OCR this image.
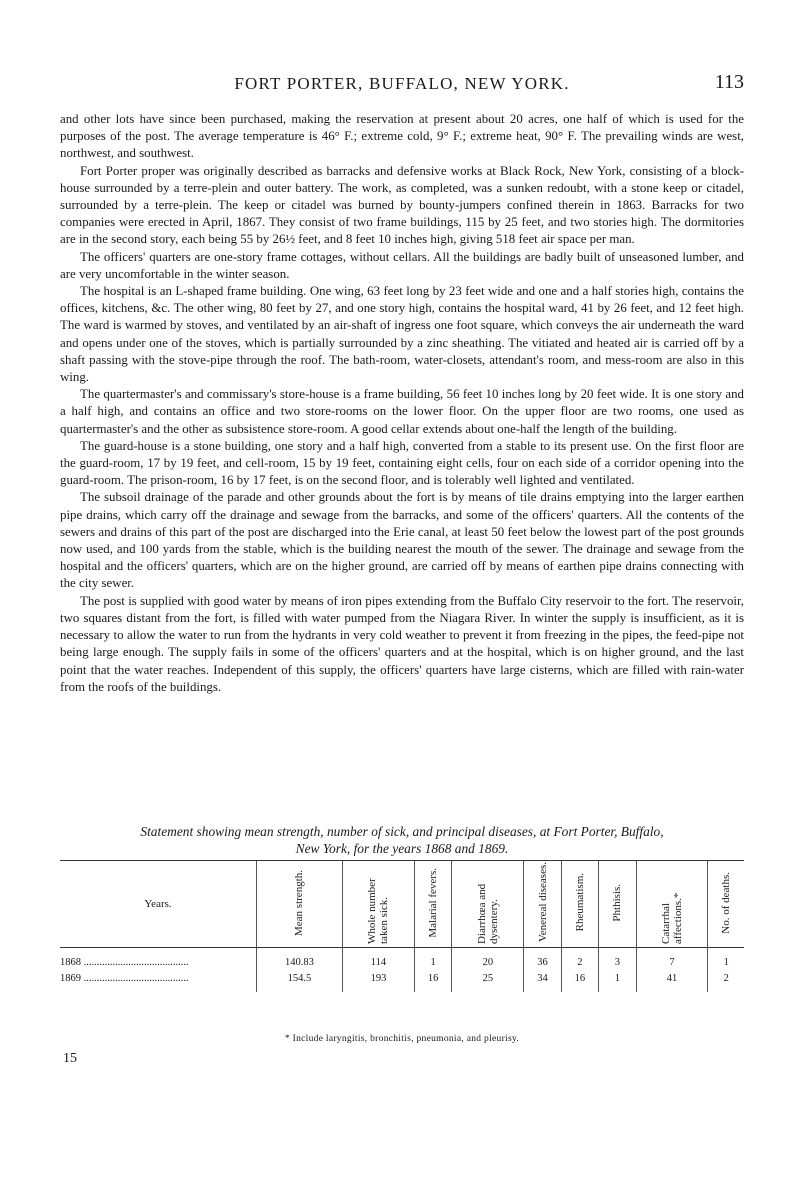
FORT PORTER, BUFFALO, NEW YORK.	113

and other lots have since been purchased, making the reservation at present about 20 acres, one half of which is used for the purposes of the post. The average temperature is 46° F.; extreme cold, 9° F.; extreme heat, 90° F. The prevailing winds are west, northwest, and southwest.

Fort Porter proper was originally described as barracks and defensive works at Black Rock, New York, consisting of a block-house surrounded by a terre-plein and outer battery. The work, as completed, was a sunken redoubt, with a stone keep or citadel, surrounded by a terre-plein. The keep or citadel was burned by bounty-jumpers confined therein in 1863. Barracks for two companies were erected in April, 1867. They consist of two frame buildings, 115 by 25 feet, and two stories high. The dormitories are in the second story, each being 55 by 26½ feet, and 8 feet 10 inches high, giving 518 feet air space per man.

The officers' quarters are one-story frame cottages, without cellars. All the buildings are badly built of unseasoned lumber, and are very uncomfortable in the winter season.

The hospital is an L-shaped frame building. One wing, 63 feet long by 23 feet wide and one and a half stories high, contains the offices, kitchens, &c. The other wing, 80 feet by 27, and one story high, contains the hospital ward, 41 by 26 feet, and 12 feet high. The ward is warmed by stoves, and ventilated by an air-shaft of ingress one foot square, which conveys the air underneath the ward and opens under one of the stoves, which is partially surrounded by a zinc sheathing. The vitiated and heated air is carried off by a shaft passing with the stove-pipe through the roof. The bath-room, water-closets, attendant's room, and mess-room are also in this wing.

The quartermaster's and commissary's store-house is a frame building, 56 feet 10 inches long by 20 feet wide. It is one story and a half high, and contains an office and two store-rooms on the lower floor. On the upper floor are two rooms, one used as quartermaster's and the other as subsistence store-room. A good cellar extends about one-half the length of the building.

The guard-house is a stone building, one story and a half high, converted from a stable to its present use. On the first floor are the guard-room, 17 by 19 feet, and cell-room, 15 by 19 feet, containing eight cells, four on each side of a corridor opening into the guard-room. The prison-room, 16 by 17 feet, is on the second floor, and is tolerably well lighted and ventilated.

The subsoil drainage of the parade and other grounds about the fort is by means of tile drains emptying into the larger earthen pipe drains, which carry off the drainage and sewage from the barracks, and some of the officers' quarters. All the contents of the sewers and drains of this part of the post are discharged into the Erie canal, at least 50 feet below the lowest part of the post grounds now used, and 100 yards from the stable, which is the building nearest the mouth of the sewer. The drainage and sewage from the hospital and the officers' quarters, which are on the higher ground, are carried off by means of earthen pipe drains connecting with the city sewer.

The post is supplied with good water by means of iron pipes extending from the Buffalo City reservoir to the fort. The reservoir, two squares distant from the fort, is filled with water pumped from the Niagara River. In winter the supply is insufficient, as it is necessary to allow the water to run from the hydrants in very cold weather to prevent it from freezing in the pipes, the feed-pipe not being large enough. The supply fails in some of the officers' quarters and at the hospital, which is on higher ground, and the last point that the water reaches. Independent of this supply, the officers' quarters have large cisterns, which are filled with rain-water from the roofs of the buildings.

Statement showing mean strength, number of sick, and principal diseases, at Fort Porter, Buffalo,
New York, for the years 1868 and 1869.
Years.	Mean strength.	Whole number taken sick.	Malarial fevers.	Diarrhœa and dysentery.	Venereal diseases.	Rheumatism.	Phthisis.	Catarrhal affections.*	No. of deaths.
1868 ........................................	140.83	114	1	20	36	2	3	7	1
1869 ........................................	154.5	193	16	25	34	16	1	41	2
* Include laryngitis, bronchitis, pneumonia, and pleurisy.
15
